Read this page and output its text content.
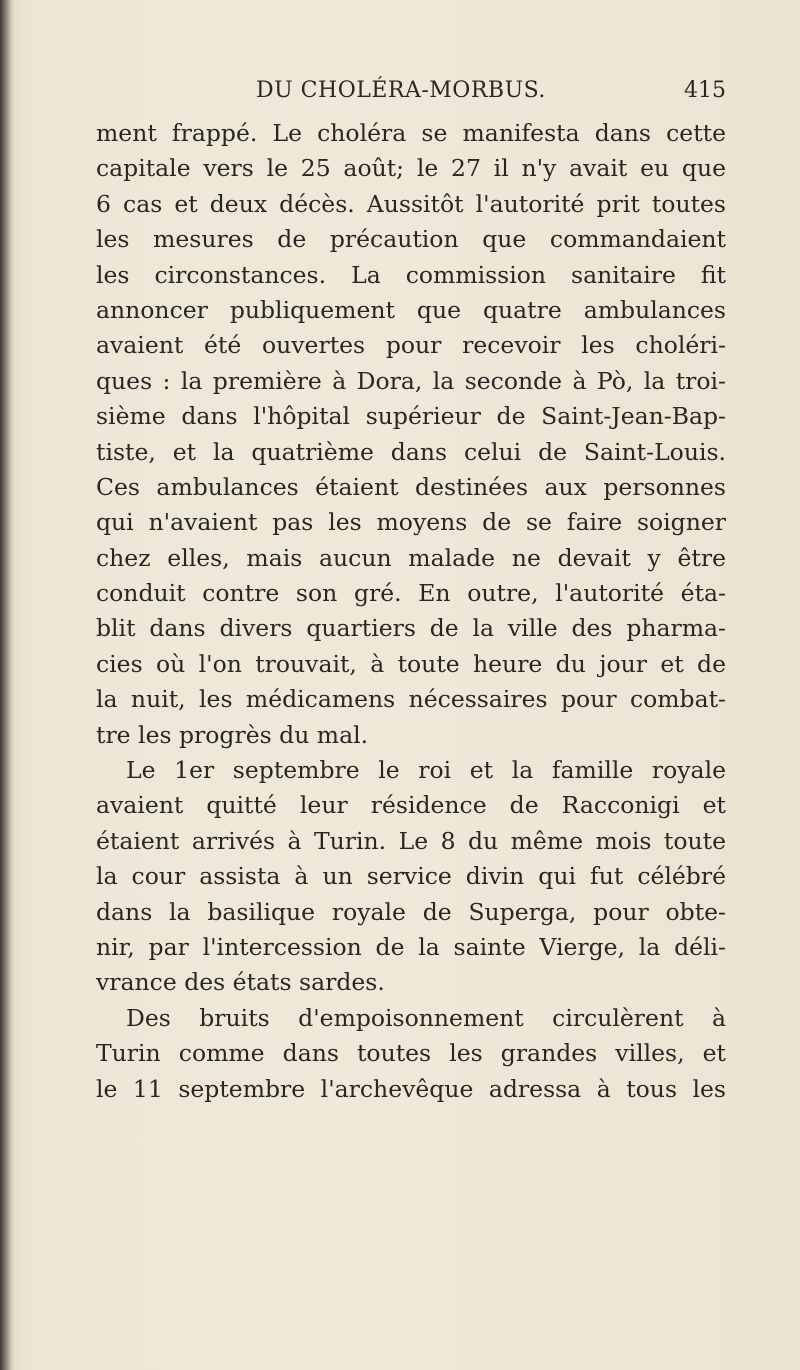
DU CHOLÉRA-MORBUS.	415
ment frappé. Le choléra se manifesta dans cette
capitale vers le 25 août; le 27 il n'y avait eu que
6 cas et deux décès. Aussitôt l'autorité prit toutes
les mesures de précaution que commandaient
les circonstances. La commission sanitaire fit
annoncer publiquement que quatre ambulances
avaient été ouvertes pour recevoir les choléri-
ques : la première à Dora, la seconde à Pò, la troi-
sième dans l'hôpital supérieur de Saint-Jean-Bap-
tiste, et la quatrième dans celui de Saint-Louis.
Ces ambulances étaient destinées aux personnes
qui n'avaient pas les moyens de se faire soigner
chez elles, mais aucun malade ne devait y être
conduit contre son gré. En outre, l'autorité éta-
blit dans divers quartiers de la ville des pharma-
cies où l'on trouvait, à toute heure du jour et de
la nuit, les médicamens nécessaires pour combat-
tre les progrès du mal.
Le 1er septembre le roi et la famille royale
avaient quitté leur résidence de Racconigi et
étaient arrivés à Turin. Le 8 du même mois toute
la cour assista à un service divin qui fut célébré
dans la basilique royale de Superga, pour obte-
nir, par l'intercession de la sainte Vierge, la déli-
vrance des états sardes.
Des bruits d'empoisonnement circulèrent à
Turin comme dans toutes les grandes villes, et
le 11 septembre l'archevêque adressa à tous les
